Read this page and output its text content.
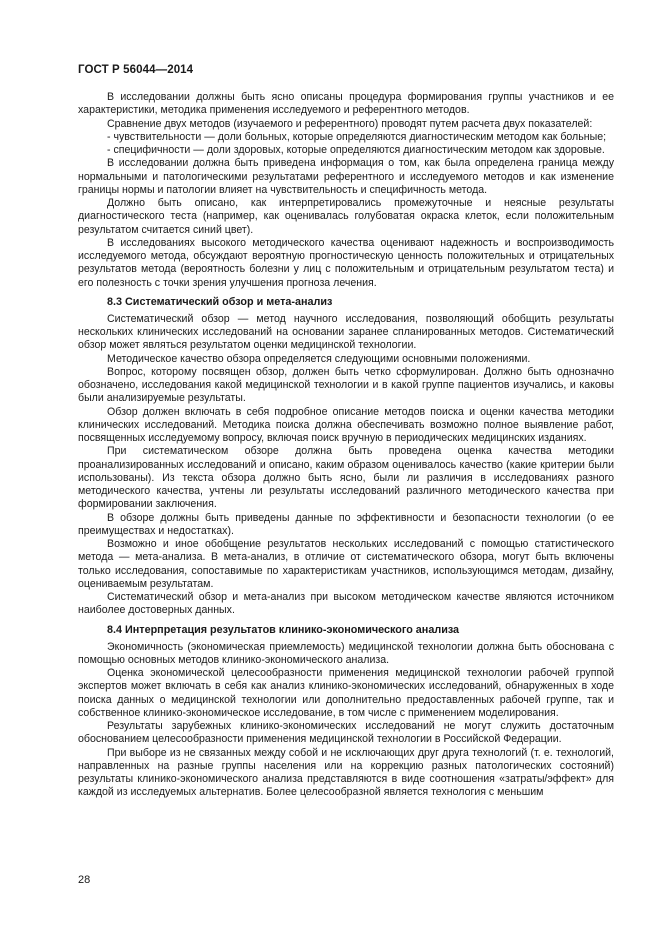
ГОСТ Р 56044—2014

В исследовании должны быть ясно описаны процедура формирования группы участников и ее характеристики, методика применения исследуемого и референтного методов.

Сравнение двух методов (изучаемого и референтного) проводят путем расчета двух показателей:

- чувствительности — доли больных, которые определяются диагностическим методом как больные;

- специфичности — доли здоровых, которые определяются диагностическим методом как здоровые.

В исследовании должна быть приведена информация о том, как была определена граница между нормальными и патологическими результатами референтного и исследуемого методов и как изменение границы нормы и патологии влияет на чувствительность и специфичность метода.

Должно быть описано, как интерпретировались промежуточные и неясные результаты диагностического теста (например, как оценивалась голубоватая окраска клеток, если положительным результатом считается синий цвет).

В исследованиях высокого методического качества оценивают надежность и воспроизводимость исследуемого метода, обсуждают вероятную прогностическую ценность положительных и отрицательных результатов метода (вероятность болезни у лиц с положительным и отрицательным результатом теста) и его полезность с точки зрения улучшения прогноза лечения.

8.3 Систематический обзор и мета-анализ

Систематический обзор — метод научного исследования, позволяющий обобщить результаты нескольких клинических исследований на основании заранее спланированных методов. Систематический обзор может являться результатом оценки медицинской технологии.

Методическое качество обзора определяется следующими основными положениями.

Вопрос, которому посвящен обзор, должен быть четко сформулирован. Должно быть однозначно обозначено, исследования какой медицинской технологии и в какой группе пациентов изучались, и каковы были анализируемые результаты.

Обзор должен включать в себя подробное описание методов поиска и оценки качества методики клинических исследований. Методика поиска должна обеспечивать возможно полное выявление работ, посвященных исследуемому вопросу, включая поиск вручную в периодических медицинских изданиях.

При систематическом обзоре должна быть проведена оценка качества методики проанализированных исследований и описано, каким образом оценивалось качество (какие критерии были использованы). Из текста обзора должно быть ясно, были ли различия в исследованиях разного методического качества, учтены ли результаты исследований различного методического качества при формировании заключения.

В обзоре должны быть приведены данные по эффективности и безопасности технологии (о ее преимуществах и недостатках).

Возможно и иное обобщение результатов нескольких исследований с помощью статистического метода — мета-анализа. В мета-анализ, в отличие от систематического обзора, могут быть включены только исследования, сопоставимые по характеристикам участников, использующимся методам, дизайну, оцениваемым результатам.

Систематический обзор и мета-анализ при высоком методическом качестве являются источником наиболее достоверных данных.

8.4 Интерпретация результатов клинико-экономического анализа

Экономичность (экономическая приемлемость) медицинской технологии должна быть обоснована с помощью основных методов клинико-экономического анализа.

Оценка экономической целесообразности применения медицинской технологии рабочей группой экспертов может включать в себя как анализ клинико-экономических исследований, обнаруженных в ходе поиска данных о медицинской технологии или дополнительно предоставленных рабочей группе, так и собственное клинико-экономическое исследование, в том числе с применением моделирования.

Результаты зарубежных клинико-экономических исследований не могут служить достаточным обоснованием целесообразности применения медицинской технологии в Российской Федерации.

При выборе из не связанных между собой и не исключающих друг друга технологий (т. е. технологий, направленных на разные группы населения или на коррекцию разных патологических состояний) результаты клинико-экономического анализа представляются в виде соотношения «затраты/эффект» для каждой из исследуемых альтернатив. Более целесообразной является технология с меньшим

28
